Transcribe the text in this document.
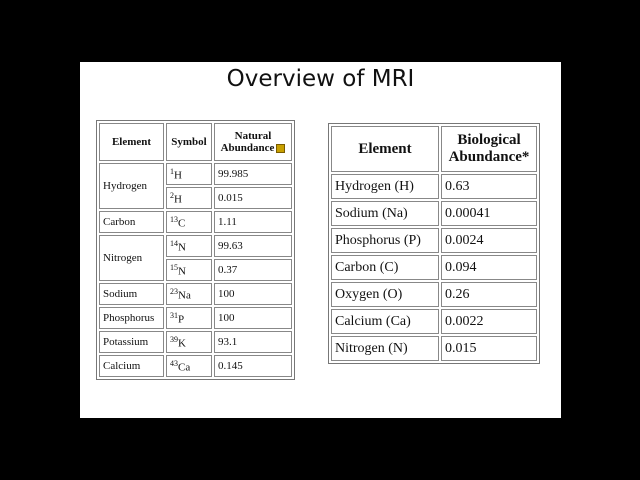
Overview of MRI
Element	Symbol	Natural Abundance
Hydrogen	$^1$H	99.985
	$^2$H	0.015
Carbon	$^{13}$C	1.11
Nitrogen	$^{14}$N	99.63
	$^{15}$N	0.37
Sodium	$^{23}$Na	100
Phosphorus	$^{31}$P	100
Potassium	$^{39}$K	93.1
Calcium	$^{43}$Ca	0.145
Element	Biological Abundance*
Hydrogen (H)	0.63
Sodium (Na)	0.00041
Phosphorus (P)	0.0024
Carbon (C)	0.094
Oxygen (O)	0.26
Calcium (Ca)	0.0022
Nitrogen (N)	0.015
